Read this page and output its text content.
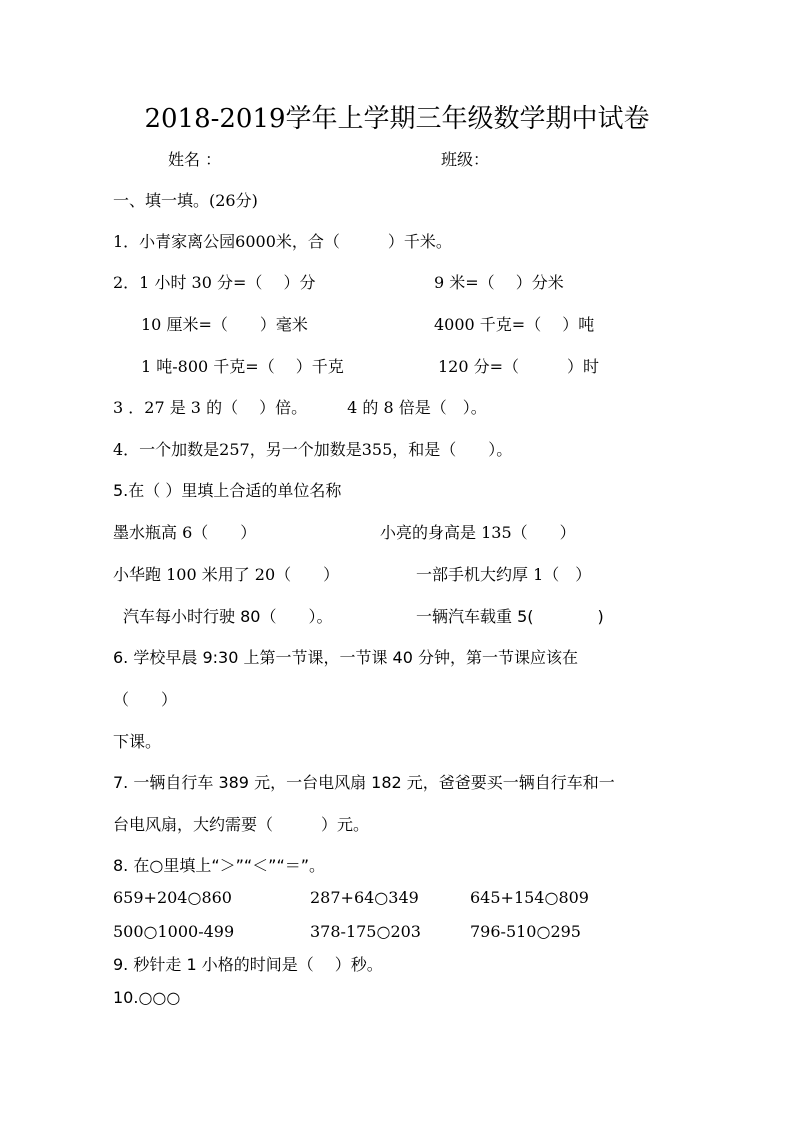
2018-2019学年上学期三年级数学期中试卷
姓名 ：	班级：
一、填一填。(26分)
1．小青家离公园6000米，合（　　　）千米。
2．1 小时 30 分=（　 ）分	9 米=（　 ）分米
10 厘米=（　　）毫米	4000 千克=（　 ）吨
1 吨-800 千克=（　 ）千克	120 分=（　　　）时
3 ．27 是 3 的（　 ）倍。　　　4 的 8 倍是（　）。
4．一个加数是257，另一个加数是355，和是（　　）。
5.在（ ）里填上合适的单位名称
墨水瓶高 6（　　）	小亮的身高是 135（　　）
小华跑 100 米用了 20（　　）	一部手机大约厚 1（　）
汽车每小时行驶 80（　　）。	一辆汽车载重 5(　　　　)
6. 学校早晨 9:30 上第一节课，一节课 40 分钟，第一节课应该在
（　　）
下课。
7. 一辆自行车 389 元，一台电风扇 182 元，爸爸要买一辆自行车和一
台电风扇，大约需要（　　　）元。
8. 在○里填上“＞”“＜”“＝”。
659+204○860	287+64○349	645+154○809
500○1000-499	378-175○203	796-510○295
9. 秒针走 1 小格的时间是（　 ）秒。
10.○○○
